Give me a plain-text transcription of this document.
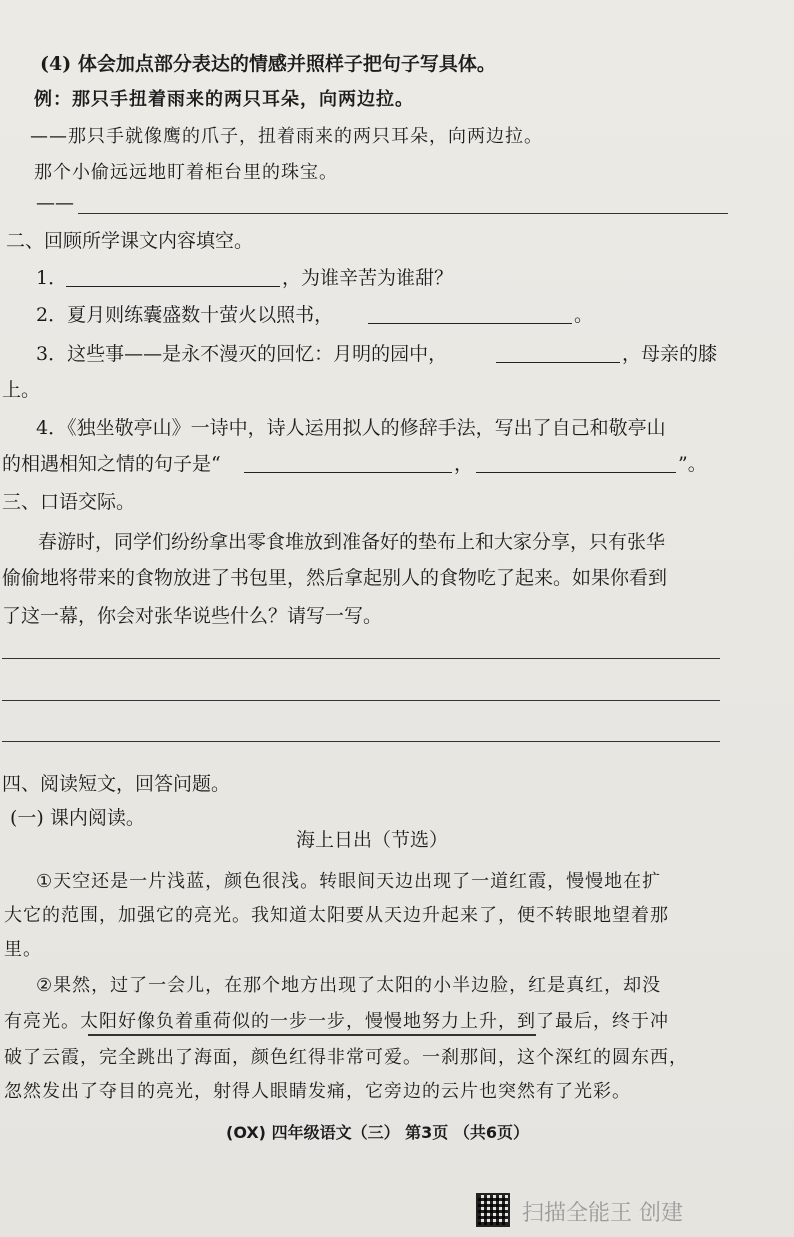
(4) 体会加点部分表达的情感并照样子把句子写具体。
例：那只手扭着雨来的两只耳朵，向两边拉。
——那只手就像鹰的爪子，扭着雨来的两只耳朵，向两边拉。
那个小偷远远地盯着柜台里的珠宝。
——
二、回顾所学课文内容填空。
1．	，为谁辛苦为谁甜？
2．夏月则练囊盛数十萤火以照书，	。
3．这些事——是永不漫灭的回忆：月明的园中，	，母亲的膝
上。
4．《独坐敬亭山》一诗中，诗人运用拟人的修辞手法，写出了自己和敬亭山
的相遇相知之情的句子是“	，	”。
三、口语交际。
春游时，同学们纷纷拿出零食堆放到准备好的垫布上和大家分享，只有张华
偷偷地将带来的食物放进了书包里，然后拿起别人的食物吃了起来。如果你看到
了这一幕，你会对张华说些什么？请写一写。
四、阅读短文，回答问题。
(一) 课内阅读。
海上日出（节选）
①天空还是一片浅蓝，颜色很浅。转眼间天边出现了一道红霞，慢慢地在扩
大它的范围，加强它的亮光。我知道太阳要从天边升起来了，便不转眼地望着那
里。
②果然，过了一会儿，在那个地方出现了太阳的小半边脸，红是真红，却没
有亮光。太阳好像负着重荷似的一步一步，慢慢地努力上升，到了最后，终于冲
破了云霞，完全跳出了海面，颜色红得非常可爱。一刹那间，这个深红的圆东西，
忽然发出了夺目的亮光，射得人眼睛发痛，它旁边的云片也突然有了光彩。
(OX) 四年级语文（三） 第3页 （共6页）
扫描全能王 创建
